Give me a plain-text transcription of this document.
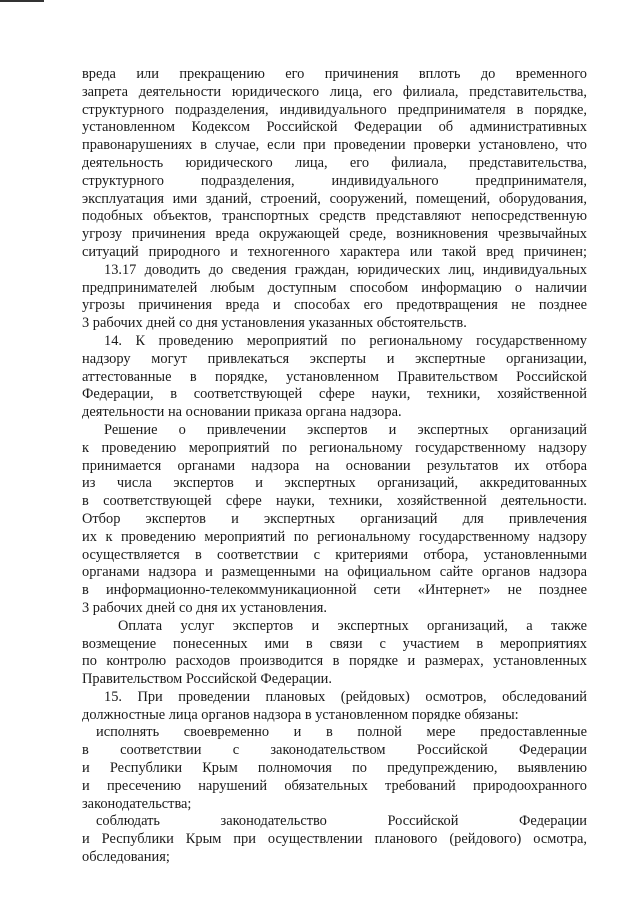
вреда или прекращению его причинения вплоть до временного
запрета деятельности юридического лица, его филиала, представительства,
структурного подразделения, индивидуального предпринимателя в порядке,
установленном Кодексом Российской Федерации об административных
правонарушениях в случае, если при проведении проверки установлено, что
деятельность юридического лица, его филиала, представительства,
структурного подразделения, индивидуального предпринимателя,
эксплуатация ими зданий, строений, сооружений, помещений, оборудования,
подобных объектов, транспортных средств представляют непосредственную
угрозу причинения вреда окружающей среде, возникновения чрезвычайных
ситуаций природного и техногенного характера или такой вред причинен;
13.17 доводить до сведения граждан, юридических лиц, индивидуальных
предпринимателей любым доступным способом информацию о наличии
угрозы причинения вреда и способах его предотвращения не позднее
3 рабочих дней со дня установления указанных обстоятельств.
14. К проведению мероприятий по региональному государственному
надзору могут привлекаться эксперты и экспертные организации,
аттестованные в порядке, установленном Правительством Российской
Федерации, в соответствующей сфере науки, техники, хозяйственной
деятельности на основании приказа органа надзора.
Решение о привлечении экспертов и экспертных организаций
к проведению мероприятий по региональному государственному надзору
принимается органами надзора на основании результатов их отбора
из числа экспертов и экспертных организаций, аккредитованных
в соответствующей сфере науки, техники, хозяйственной деятельности.
Отбор экспертов и экспертных организаций для привлечения
их к проведению мероприятий по региональному государственному надзору
осуществляется в соответствии с критериями отбора, установленными
органами надзора и размещенными на официальном сайте органов надзора
в информационно-телекоммуникационной сети «Интернет» не позднее
3 рабочих дней со дня их установления.
Оплата услуг экспертов и экспертных организаций, а также
возмещение понесенных ими в связи с участием в мероприятиях
по контролю расходов производится в порядке и размерах, установленных
Правительством Российской Федерации.
15. При проведении плановых (рейдовых) осмотров, обследований
должностные лица органов надзора в установленном порядке обязаны:
исполнять своевременно и в полной мере предоставленные
в соответствии с законодательством Российской Федерации
и Республики Крым полномочия по предупреждению, выявлению
и пресечению нарушений обязательных требований природоохранного
законодательства;
соблюдать законодательство Российской Федерации
и Республики Крым при осуществлении планового (рейдового) осмотра,
обследования;
